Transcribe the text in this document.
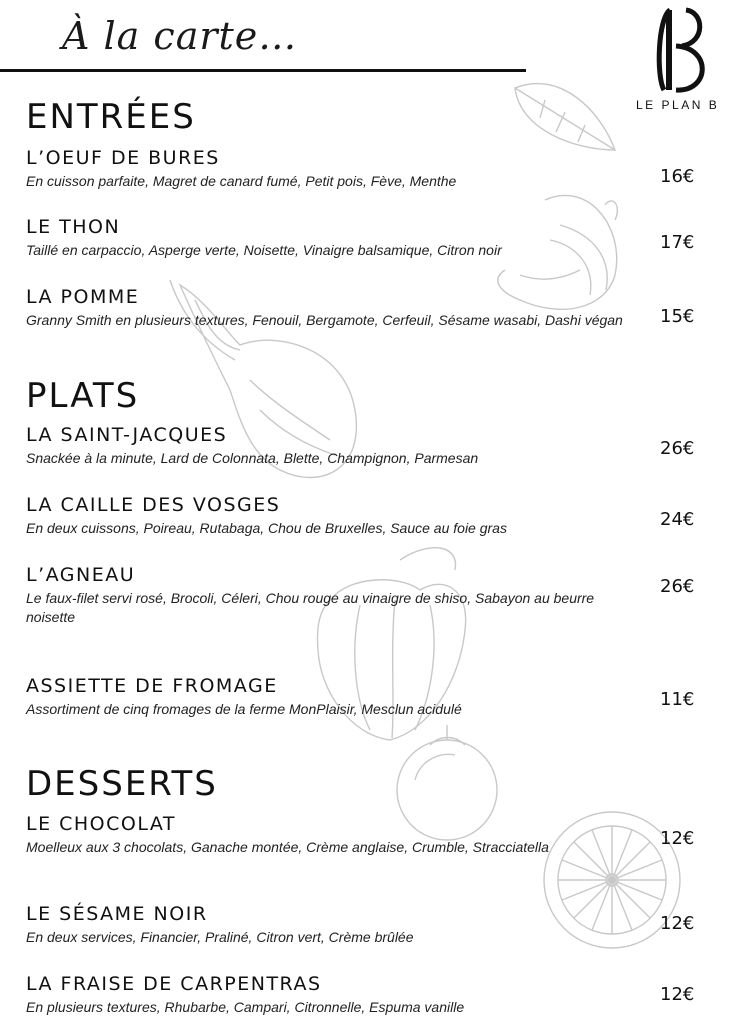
À la carte…
LE PLAN B
ENTRÉES
L’OEUF DE BURES
En cuisson parfaite, Magret de canard fumé, Petit pois, Fève, Menthe	16€
LE THON
Taillé en carpaccio, Asperge verte, Noisette, Vinaigre balsamique, Citron noir	17€
LA POMME
Granny Smith en plusieurs textures, Fenouil, Bergamote, Cerfeuil, Sésame wasabi, Dashi végan 15€
PLATS
LA SAINT-JACQUES
Snackée à la minute, Lard de Colonnata, Blette, Champignon, Parmesan	26€
LA CAILLE DES VOSGES
En deux cuissons, Poireau, Rutabaga, Chou de Bruxelles, Sauce au foie gras	24€
L’AGNEAU
Le faux-filet servi rosé, Brocoli, Céleri, Chou rouge au vinaigre de shiso, Sabayon au beurre noisette
26€
ASSIETTE DE FROMAGE
Assortiment de cinq fromages de la ferme MonPlaisir, Mesclun acidulé	11€
DESSERTS
LE CHOCOLAT
Moelleux aux 3 chocolats, Ganache montée, Crème anglaise, Crumble, Stracciatella	12€
LE SÉSAME NOIR
En deux services, Financier, Praliné, Citron vert, Crème brûlée
12€
LA FRAISE DE CARPENTRAS
En plusieurs textures, Rhubarbe, Campari, Citronnelle, Espuma vanille
12€
